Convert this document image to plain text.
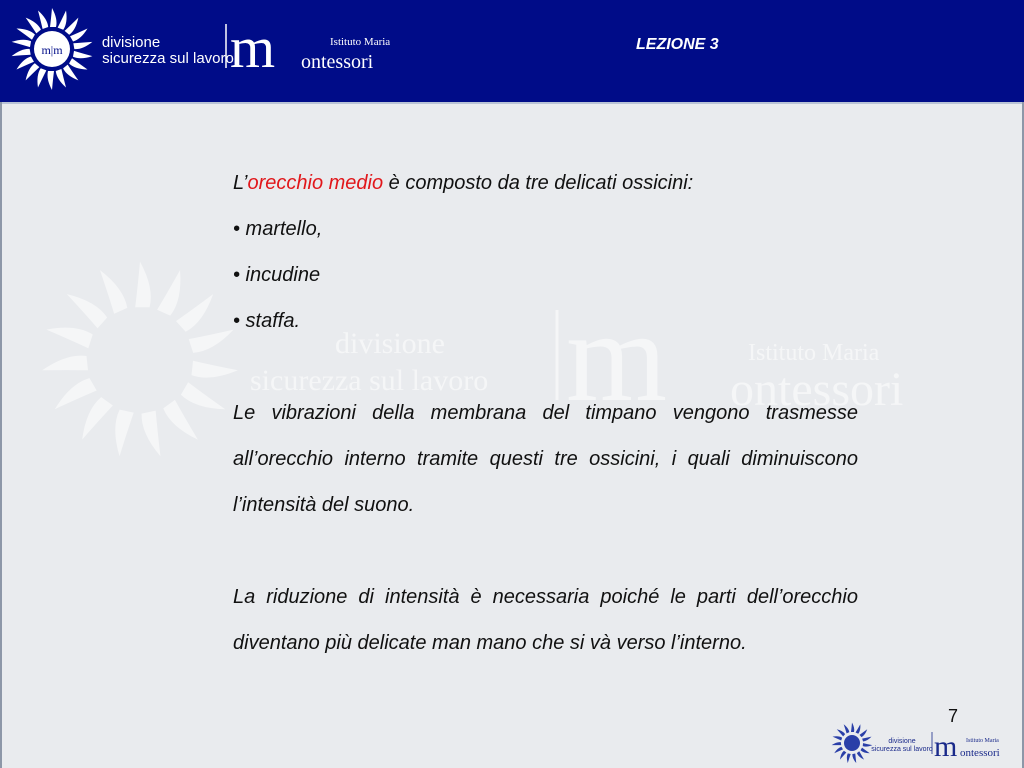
m|m	divisione
sicurezza sul lavoro
m	Istituto Maria
ontessori
LEZIONE 3
divisione
sicurezza sul lavoro m	Istituto Maria
ontessori

L’orecchio medio è composto da tre delicati ossicini:

• martello,

• incudine

• staffa.

Le vibrazioni della membrana del timpano vengono trasmesse all’orecchio interno tramite questi tre ossicini, i quali diminuiscono l’intensità del suono.

La riduzione di intensità è necessaria poiché le parti dell’orecchio diventano più delicate man mano che si và verso l’interno.

7
divisione
sicurezza sul lavoro m Istituto Maria
ontessori
